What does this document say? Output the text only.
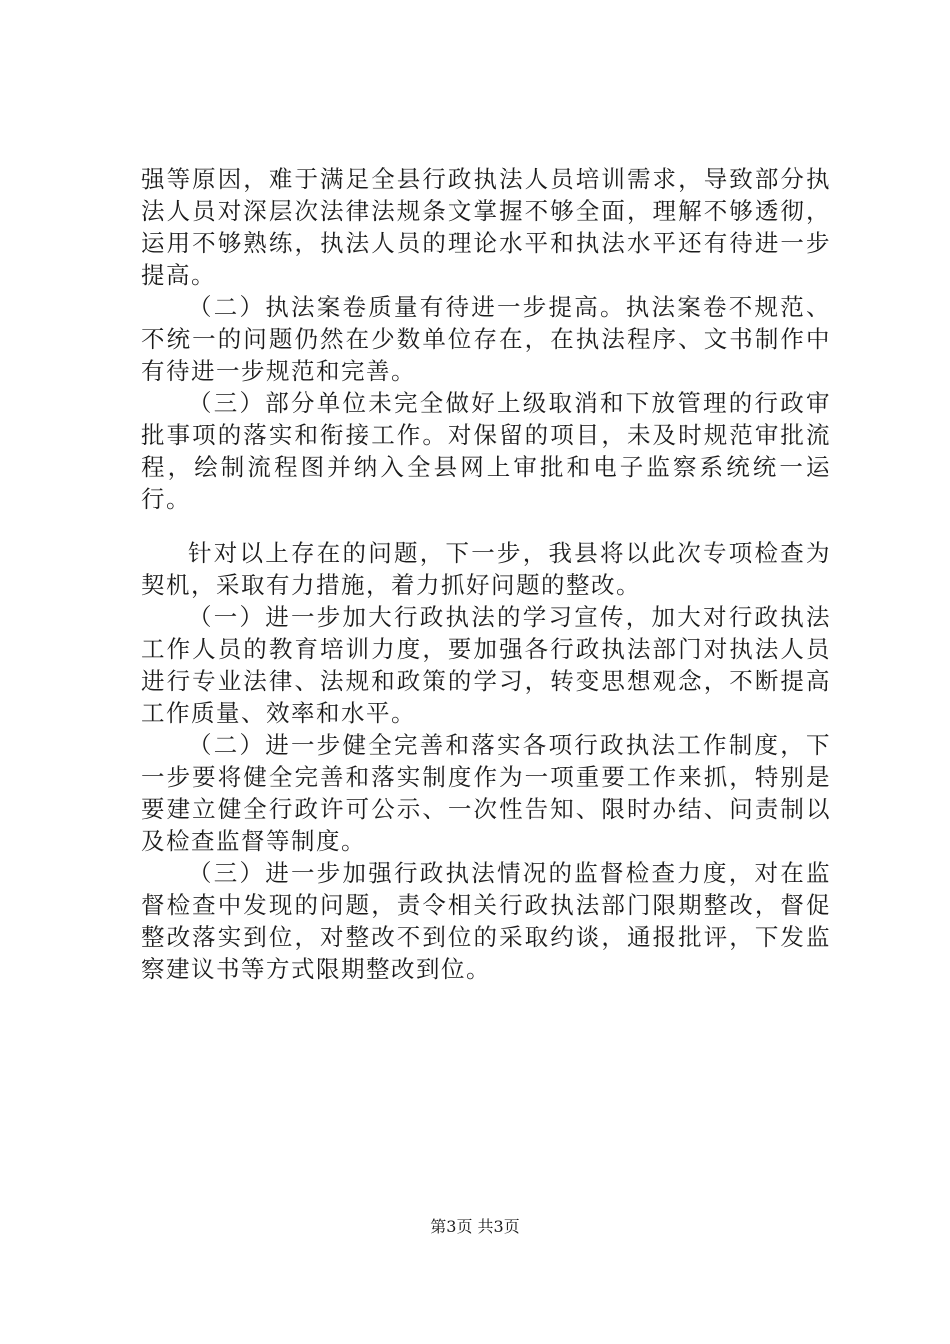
强等原因，难于满足全县行政执法人员培训需求，导致部分执法人员对深层次法律法规条文掌握不够全面，理解不够透彻，运用不够熟练，执法人员的理论水平和执法水平还有待进一步提高。

（二）执法案卷质量有待进一步提高。执法案卷不规范、不统一的问题仍然在少数单位存在，在执法程序、文书制作中有待进一步规范和完善。

（三）部分单位未完全做好上级取消和下放管理的行政审批事项的落实和衔接工作。对保留的项目，未及时规范审批流程，绘制流程图并纳入全县网上审批和电子监察系统统一运行。

针对以上存在的问题，下一步，我县将以此次专项检查为契机，采取有力措施，着力抓好问题的整改。

（一）进一步加大行政执法的学习宣传，加大对行政执法工作人员的教育培训力度，要加强各行政执法部门对执法人员进行专业法律、法规和政策的学习，转变思想观念，不断提高工作质量、效率和水平。

（二）进一步健全完善和落实各项行政执法工作制度，下一步要将健全完善和落实制度作为一项重要工作来抓，特别是要建立健全行政许可公示、一次性告知、限时办结、问责制以及检查监督等制度。

（三）进一步加强行政执法情况的监督检查力度，对在监督检查中发现的问题，责令相关行政执法部门限期整改，督促整改落实到位，对整改不到位的采取约谈，通报批评，下发监察建议书等方式限期整改到位。

第3页 共3页
